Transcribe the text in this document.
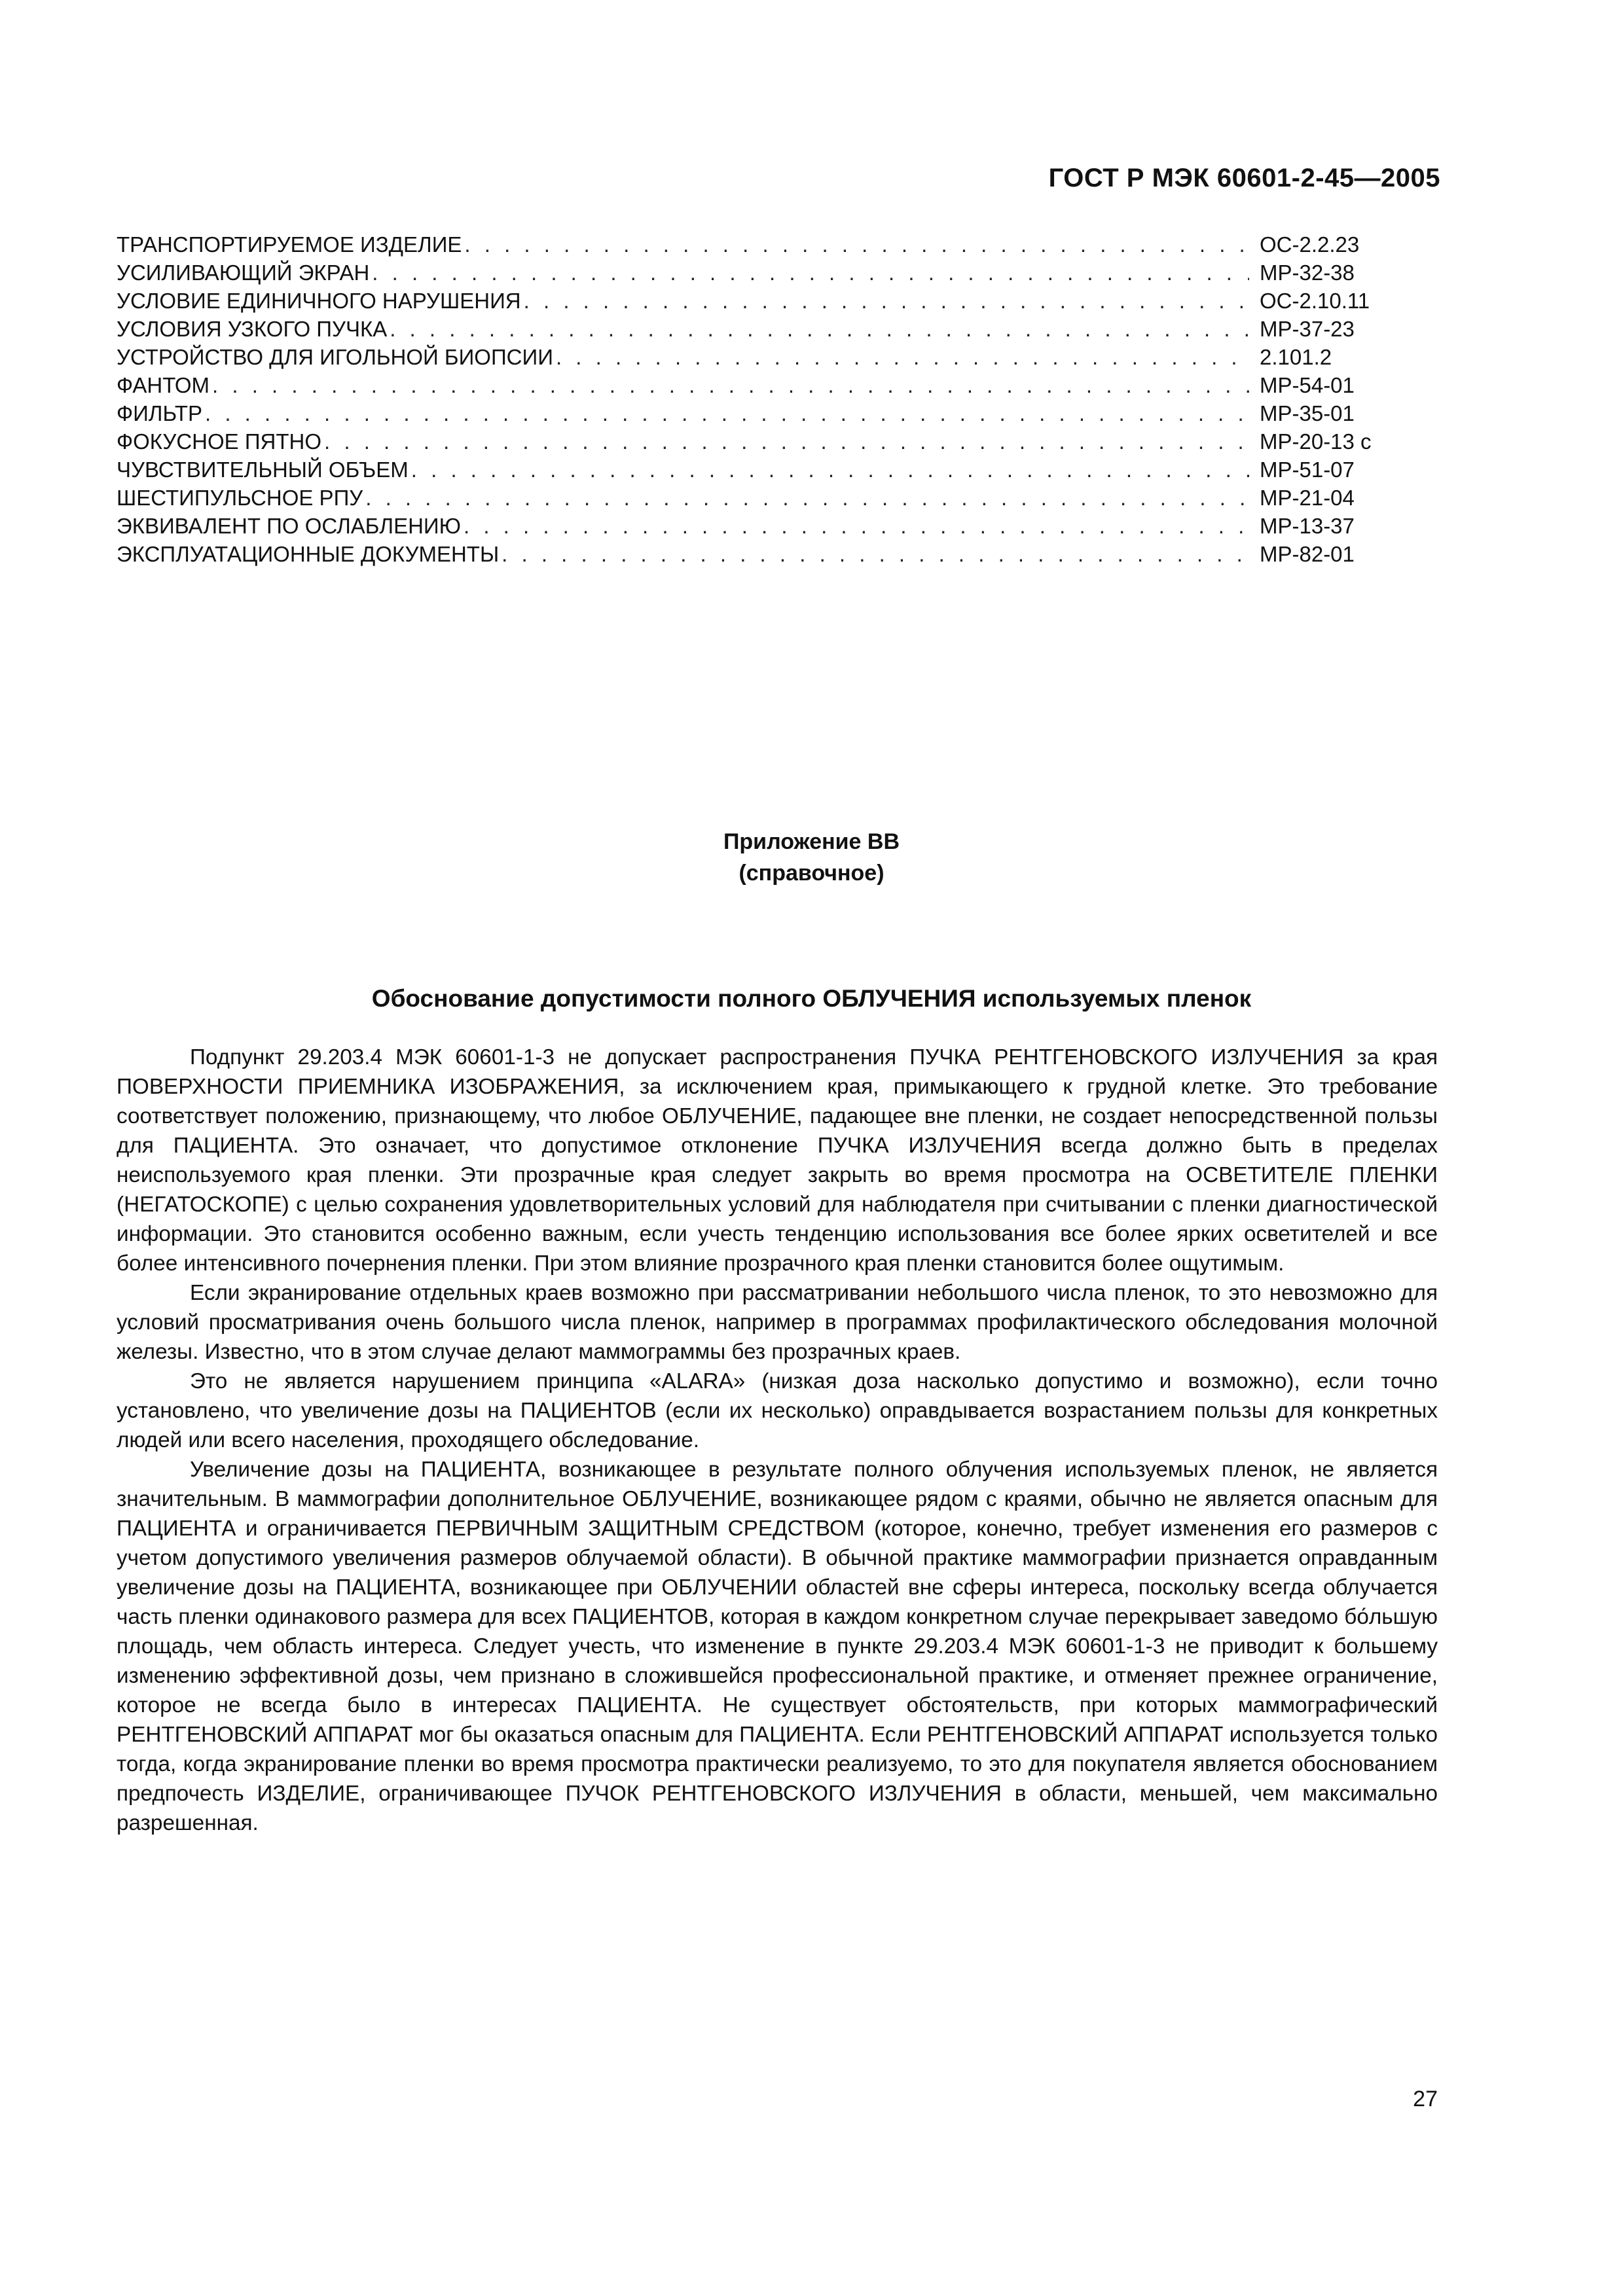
ГОСТ Р МЭК 60601-2-45—2005
ТРАНСПОРТИРУЕМОЕ ИЗДЕЛИЕ . . .	ОС-2.2.23
УСИЛИВАЮЩИЙ ЭКРАН . . .	МР-32-38
УСЛОВИЕ ЕДИНИЧНОГО НАРУШЕНИЯ . . .	ОС-2.10.11
УСЛОВИЯ УЗКОГО ПУЧКА . . .	МР-37-23
УСТРОЙСТВО ДЛЯ ИГОЛЬНОЙ БИОПСИИ . . .	2.101.2
ФАНТОМ . . .	МР-54-01
ФИЛЬТР . . .	МР-35-01
ФОКУСНОЕ ПЯТНО . . .	МР-20-13 с
ЧУВСТВИТЕЛЬНЫЙ ОБЪЕМ . . .	МР-51-07
ШЕСТИПУЛЬСНОЕ РПУ . . .	МР-21-04
ЭКВИВАЛЕНТ ПО ОСЛАБЛЕНИЮ . . .	МР-13-37
ЭКСПЛУАТАЦИОННЫЕ ДОКУМЕНТЫ . . .	МР-82-01
Приложение ВВ
(справочное)
Обоснование допустимости полного ОБЛУЧЕНИЯ используемых пленок

Подпункт 29.203.4 МЭК 60601-1-3 не допускает распространения ПУЧКА РЕНТГЕНОВСКОГО ИЗЛУЧЕНИЯ за края ПОВЕРХНОСТИ ПРИЕМНИКА ИЗОБРАЖЕНИЯ, за исключением края, примыкающего к грудной клетке. Это требование соответствует положению, признающему, что любое ОБЛУЧЕНИЕ, падающее вне пленки, не создает непосредственной пользы для ПАЦИЕНТА. Это означает, что допустимое отклонение ПУЧКА ИЗЛУЧЕНИЯ всегда должно быть в пределах неиспользуемого края пленки. Эти прозрачные края следует закрыть во время просмотра на ОСВЕТИТЕЛЕ ПЛЕНКИ (НЕГАТОСКОПЕ) с целью сохранения удовлетворительных условий для наблюдателя при считывании с пленки диагностической информации. Это становится особенно важным, если учесть тенденцию использования все более ярких осветителей и все более интенсивного почернения пленки. При этом влияние прозрачного края пленки становится более ощутимым.

Если экранирование отдельных краев возможно при рассматривании небольшого числа пленок, то это невозможно для условий просматривания очень большого числа пленок, например в программах профилактического обследования молочной железы. Известно, что в этом случае делают маммограммы без прозрачных краев.

Это не является нарушением принципа «ALARA» (низкая доза насколько допустимо и возможно), если точно установлено, что увеличение дозы на ПАЦИЕНТОВ (если их несколько) оправдывается возрастанием пользы для конкретных людей или всего населения, проходящего обследование.

Увеличение дозы на ПАЦИЕНТА, возникающее в результате полного облучения используемых пленок, не является значительным. В маммографии дополнительное ОБЛУЧЕНИЕ, возникающее рядом с краями, обычно не является опасным для ПАЦИЕНТА и ограничивается ПЕРВИЧНЫМ ЗАЩИТНЫМ СРЕДСТВОМ (которое, конечно, требует изменения его размеров с учетом допустимого увеличения размеров облучаемой области). В обычной практике маммографии признается оправданным увеличение дозы на ПАЦИЕНТА, возникающее при ОБЛУЧЕНИИ областей вне сферы интереса, поскольку всегда облучается часть пленки одинакового размера для всех ПАЦИЕНТОВ, которая в каждом конкретном случае перекрывает заведомо бо́льшую площадь, чем область интереса. Следует учесть, что изменение в пункте 29.203.4 МЭК 60601-1-3 не приводит к большему изменению эффективной дозы, чем признано в сложившейся профессиональной практике, и отменяет прежнее ограничение, которое не всегда было в интересах ПАЦИЕНТА. Не существует обстоятельств, при которых маммографический РЕНТГЕНОВСКИЙ АППАРАТ мог бы оказаться опасным для ПАЦИЕНТА. Если РЕНТГЕНОВСКИЙ АППАРАТ используется только тогда, когда экранирование пленки во время просмотра практически реализуемо, то это для покупателя является обоснованием предпочесть ИЗДЕЛИЕ, ограничивающее ПУЧОК РЕНТГЕНОВСКОГО ИЗЛУЧЕНИЯ в области, меньшей, чем максимально разрешенная.

27
